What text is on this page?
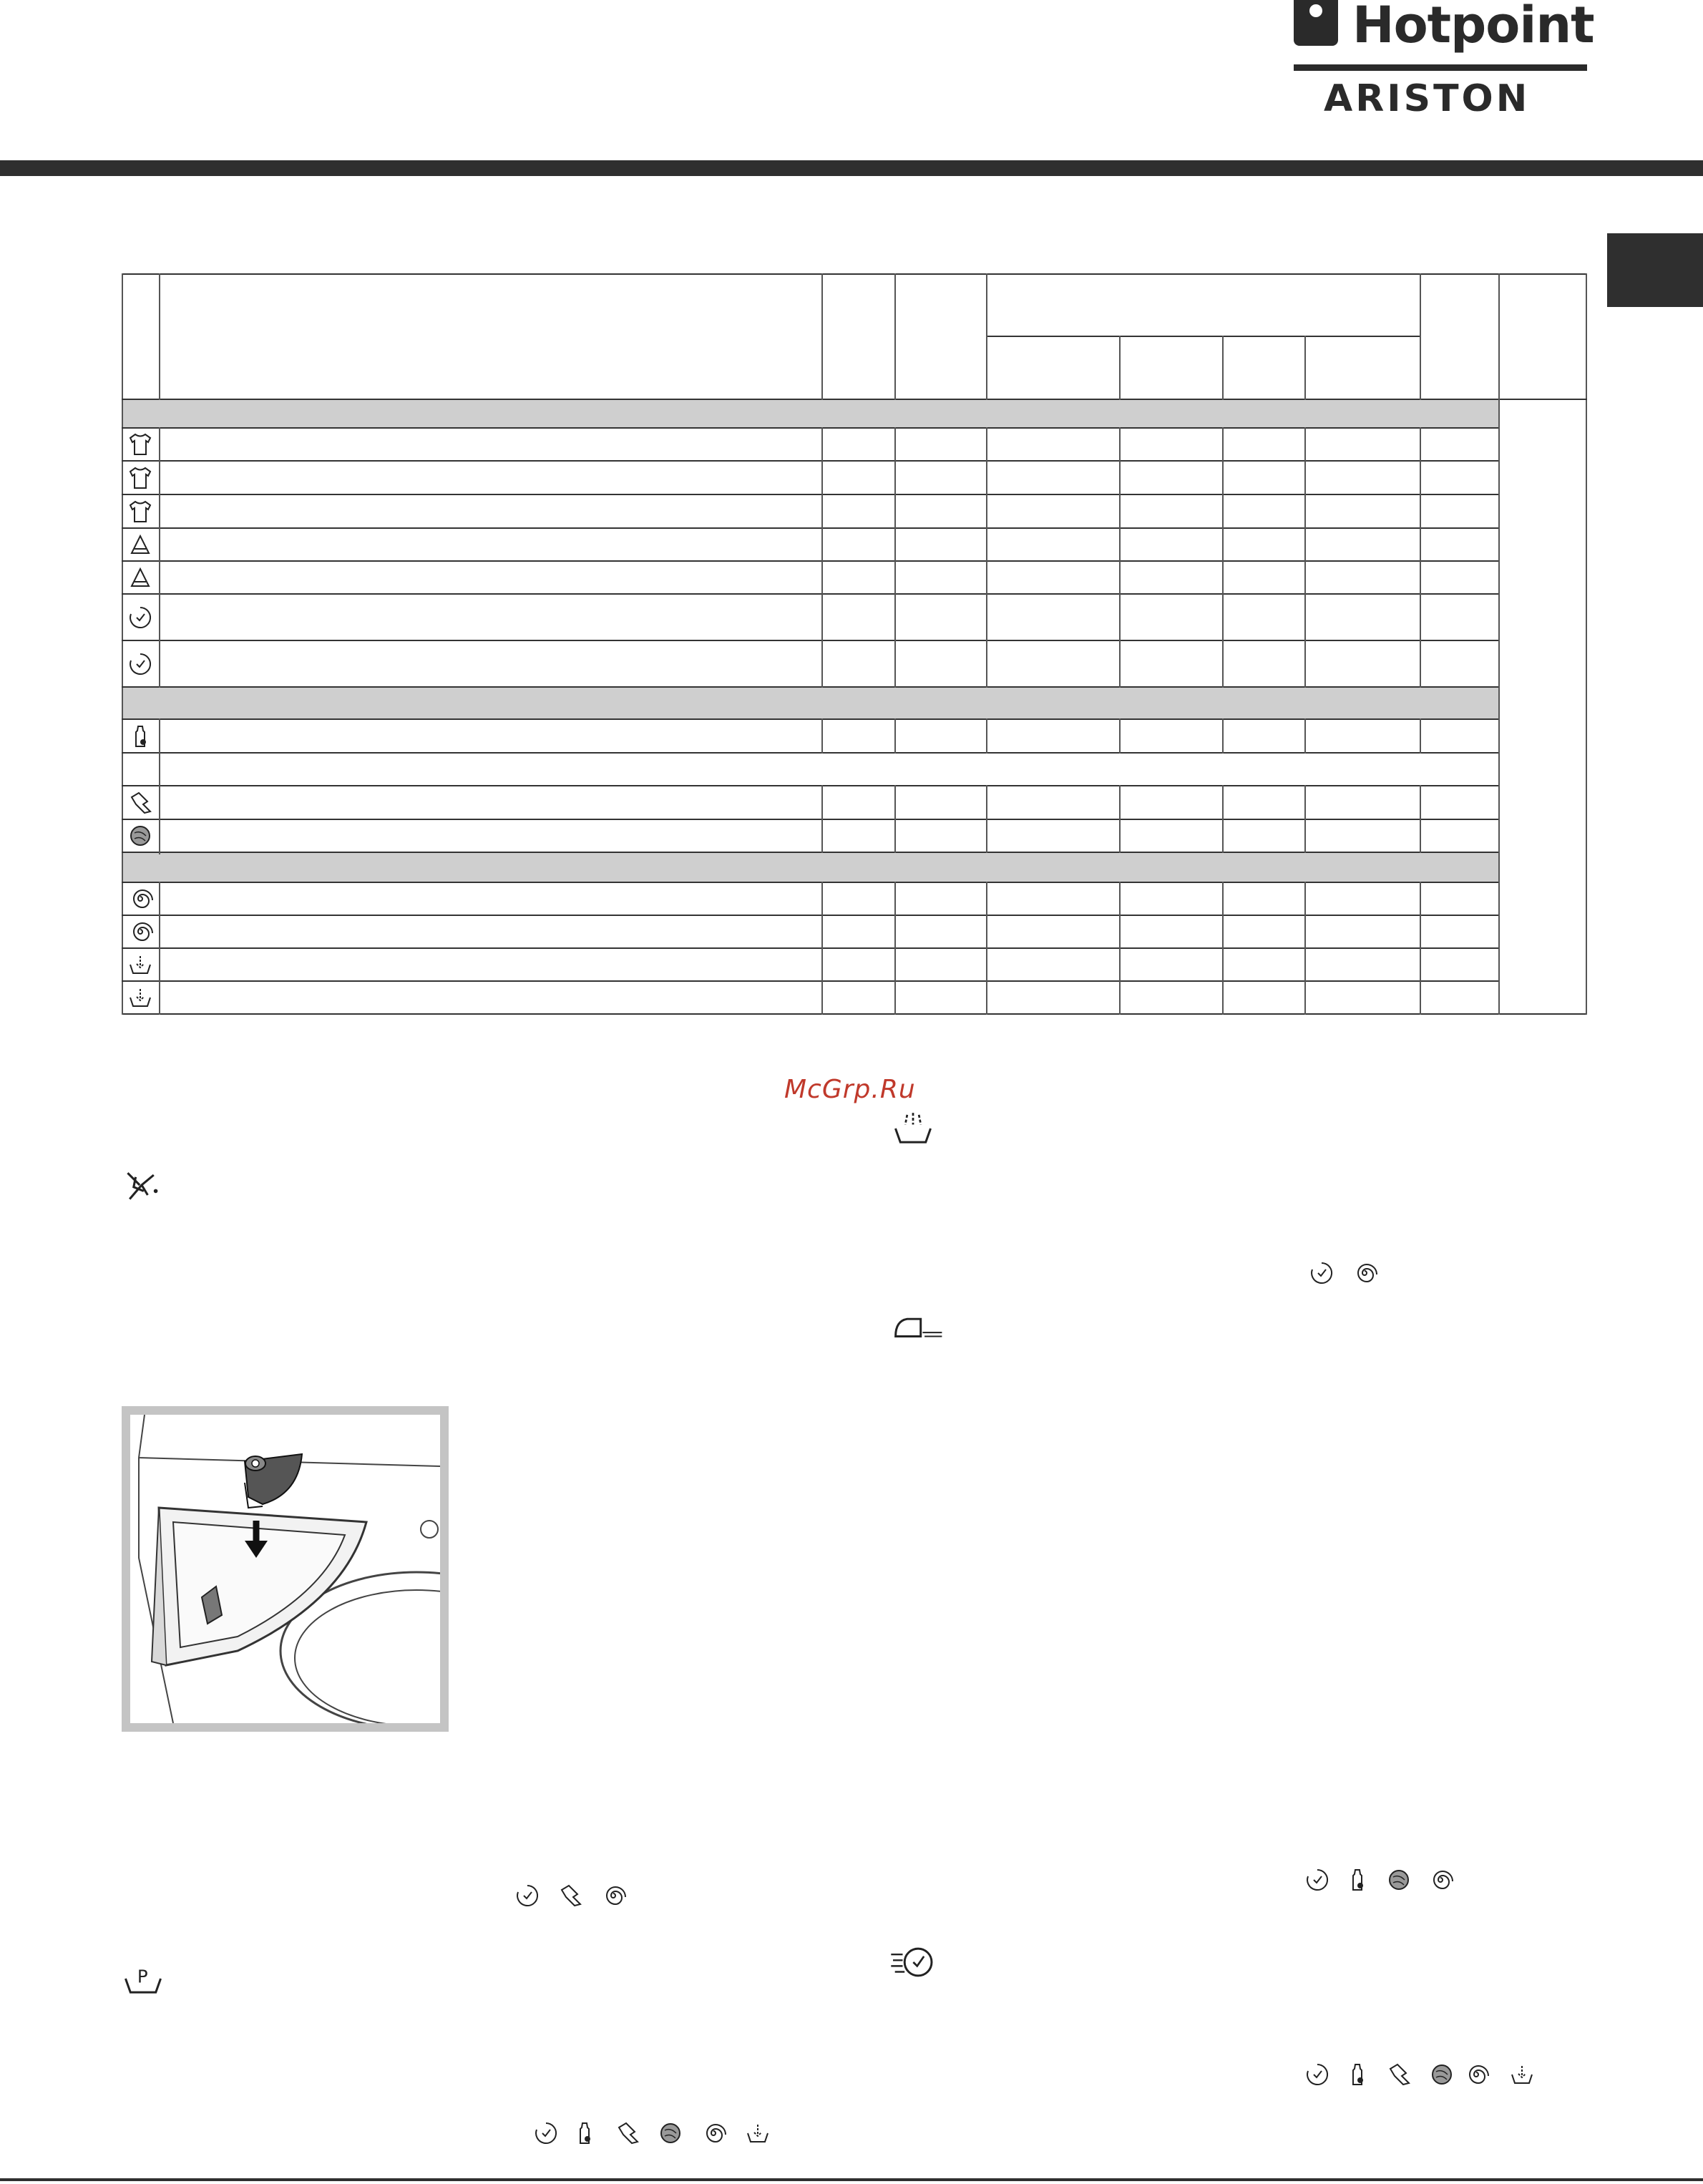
Hotpoint
ARISTON
McGrp.Ru
P
